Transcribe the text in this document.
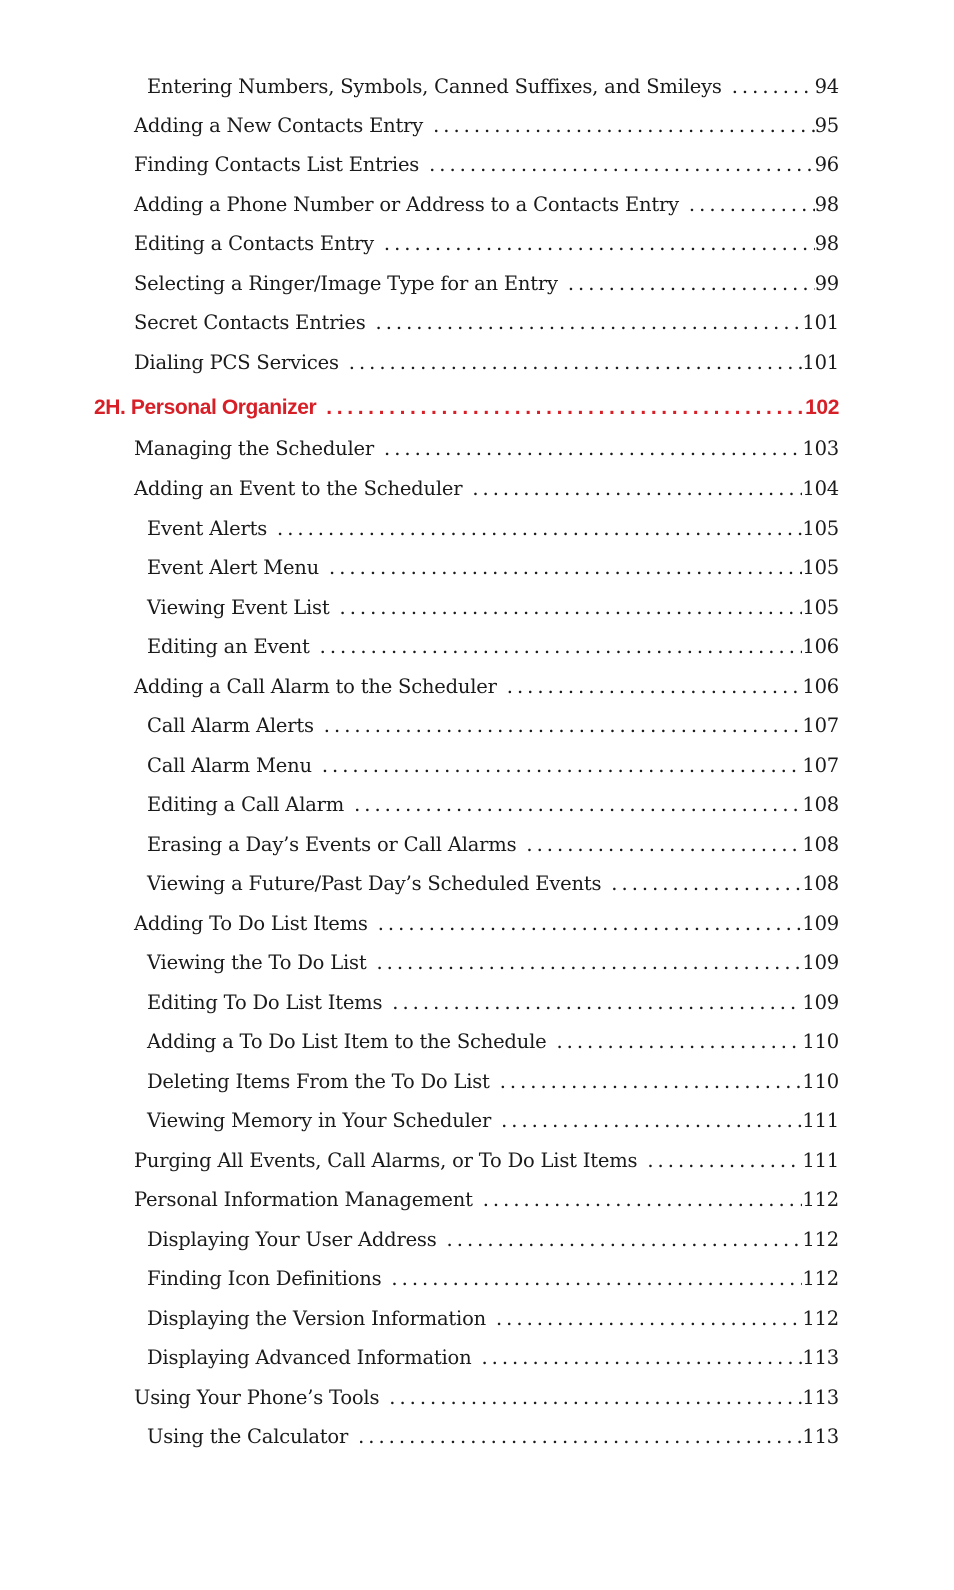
Entering Numbers, Symbols, Canned Suffixes, and Smileys . . .	94
Adding a New Contacts Entry . . .	95
Finding Contacts List Entries . . .	96
Adding a Phone Number or Address to a Contacts Entry . . .	98
Editing a Contacts Entry . . .	98
Selecting a Ringer/Image Type for an Entry . . .	99
Secret Contacts Entries . . .	101
Dialing PCS Services . . .	101
2H. Personal Organizer . . .	102
Managing the Scheduler . . .	103
Adding an Event to the Scheduler . . .	104
Event Alerts . . .	105
Event Alert Menu . . .	105
Viewing Event List . . .	105
Editing an Event . . .	106
Adding a Call Alarm to the Scheduler . . .	106
Call Alarm Alerts . . .	107
Call Alarm Menu . . .	107
Editing a Call Alarm . . .	108
Erasing a Day’s Events or Call Alarms . . .	108
Viewing a Future/Past Day’s Scheduled Events . . .	108
Adding To Do List Items . . .	109
Viewing the To Do List . . .	109
Editing To Do List Items . . .	109
Adding a To Do List Item to the Schedule . . .	110
Deleting Items From the To Do List . . .	110
Viewing Memory in Your Scheduler . . .	111
Purging All Events, Call Alarms, or To Do List Items . . .	111
Personal Information Management . . .	112
Displaying Your User Address . . .	112
Finding Icon Definitions . . .	112
Displaying the Version Information . . .	112
Displaying Advanced Information . . .	113
Using Your Phone’s Tools . . .	113
Using the Calculator . . .	113
